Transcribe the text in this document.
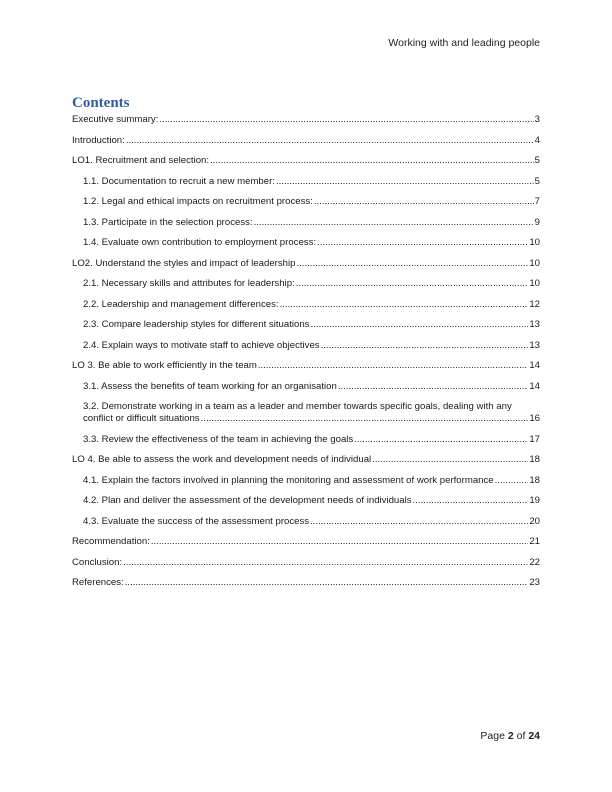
Working with and leading people
Contents
Executive summary: .....	3
Introduction: .....	4
LO1. Recruitment and selection: .....	5
1.1. Documentation to recruit a new member: .....	5
1.2. Legal and ethical impacts on recruitment process: .....	7
1.3. Participate in the selection process: .....	9
1.4. Evaluate own contribution to employment process: .....	10
LO2. Understand the styles and impact of leadership .....	10
2.1. Necessary skills and attributes for leadership: .....	10
2.2. Leadership and management differences: .....	12
2.3. Compare leadership styles for different situations .....	13
2.4. Explain ways to motivate staff to achieve objectives .....	13
LO 3. Be able to work efficiently in the team .....	14
3.1. Assess the benefits of team working for an organisation .....	14
3.2. Demonstrate working in a team as a leader and member towards specific goals, dealing with any
conflict or difficult situations .....	16
3.3. Review the effectiveness of the team in achieving the goals .....	17
LO 4. Be able to assess the work and development needs of individual .....	18
4.1. Explain the factors involved in planning the monitoring and assessment of work performance .....	18
4.2. Plan and deliver the assessment of the development needs of individuals .....	19
4.3. Evaluate the success of the assessment process .....	20
Recommendation: .....	21
Conclusion: .....	22
References: .....	23
Page 2 of 24
